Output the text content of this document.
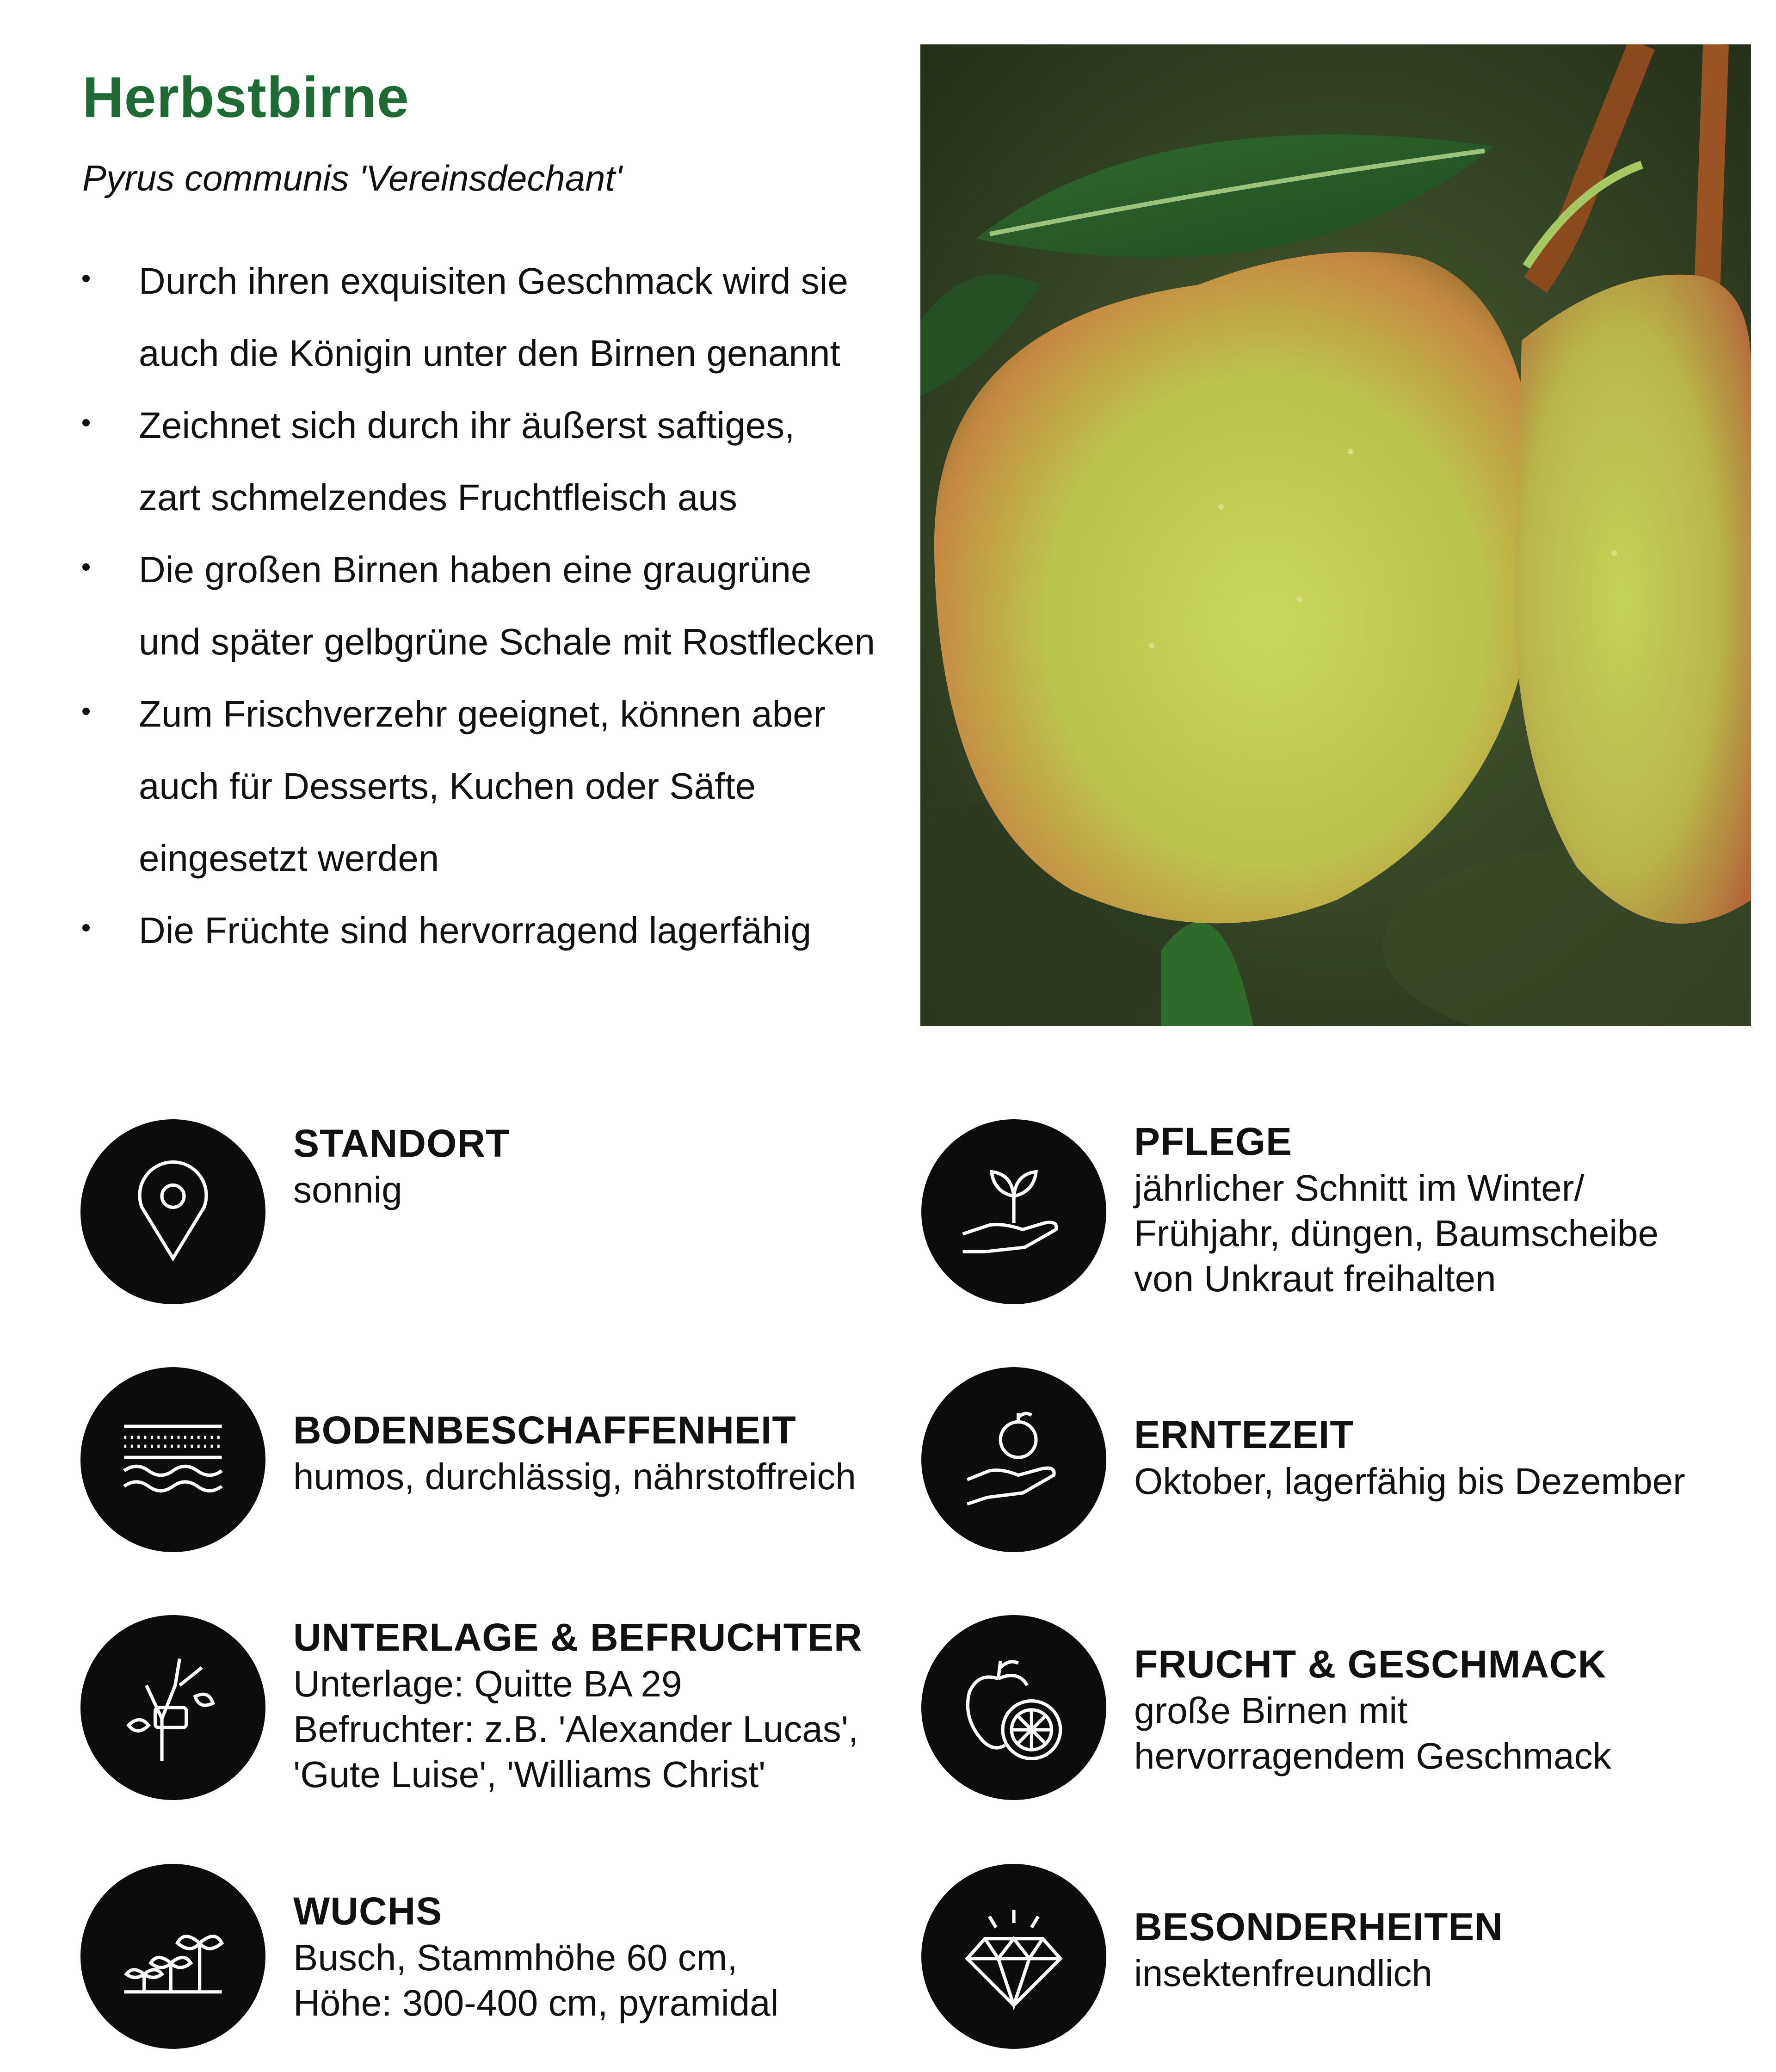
Herbstbirne
Pyrus communis 'Vereinsdechant'
Durch ihren exquisiten Geschmack wird sie
auch die Königin unter den Birnen genannt
Zeichnet sich durch ihr äußerst saftiges,
zart schmelzendes Fruchtfleisch aus
Die großen Birnen haben eine graugrüne
und später gelbgrüne Schale mit Rostflecken
Zum Frischverzehr geeignet, können aber
auch für Desserts, Kuchen oder Säfte
eingesetzt werden
Die Früchte sind hervorragend lagerfähig
STANDORT
sonnig
BODENBESCHAFFENHEIT
humos, durchlässig, nährstoffreich
UNTERLAGE & BEFRUCHTER
Unterlage: Quitte BA 29
Befruchter: z.B. 'Alexander Lucas',
'Gute Luise', 'Williams Christ'
WUCHS
Busch, Stammhöhe 60 cm,
Höhe: 300-400 cm, pyramidal
PFLEGE
jährlicher Schnitt im Winter/
Frühjahr, düngen, Baumscheibe
von Unkraut freihalten
ERNTEZEIT
Oktober, lagerfähig bis Dezember
FRUCHT & GESCHMACK
große Birnen mit
hervorragendem Geschmack
BESONDERHEITEN
insektenfreundlich
